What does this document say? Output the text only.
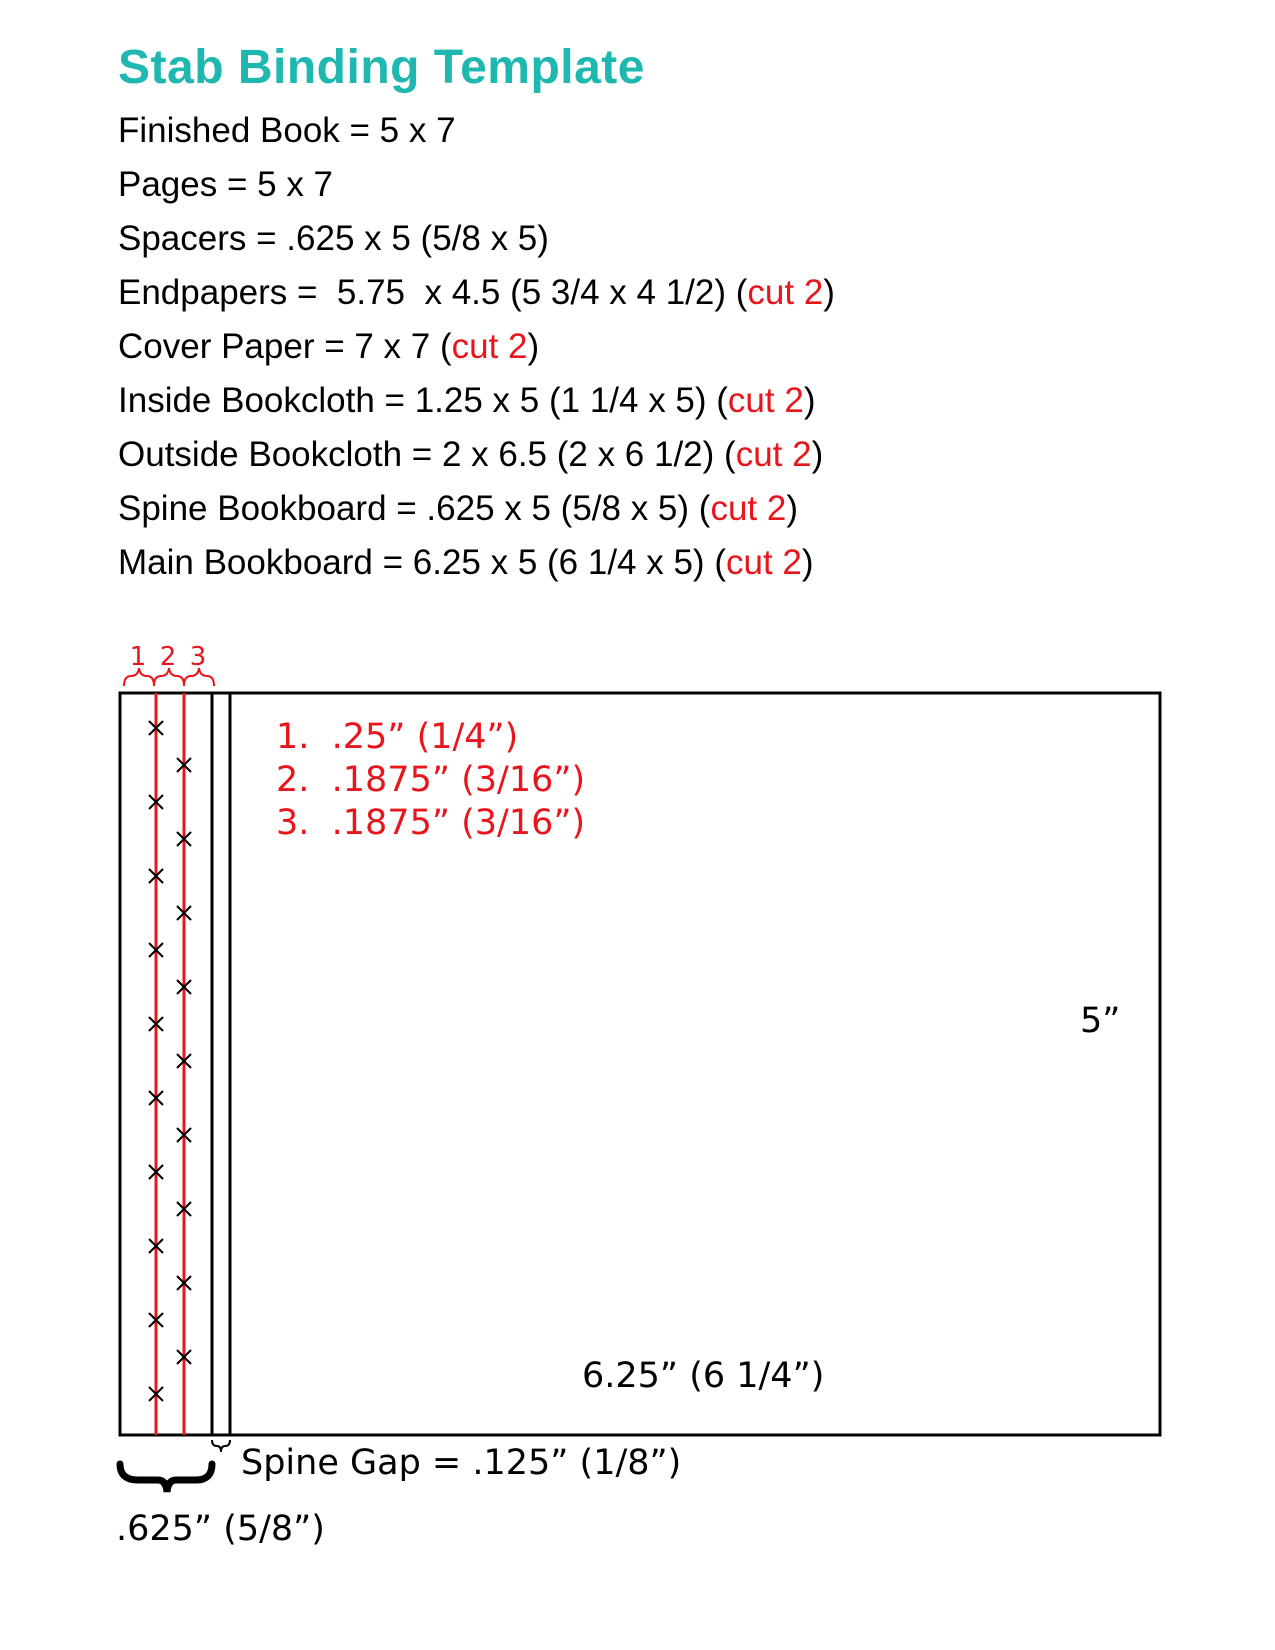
Stab Binding Template
Finished Book = 5 x 7
Pages = 5 x 7
Spacers = .625 x 5 (5/8 x 5)
Endpapers =  5.75  x 4.5 (5 3/4 x 4 1/2) (cut 2)
Cover Paper = 7 x 7 (cut 2)
Inside Bookcloth = 1.25 x 5 (1 1/4 x 5) (cut 2)
Outside Bookcloth = 2 x 6.5 (2 x 6 1/2) (cut 2)
Spine Bookboard = .625 x 5 (5/8 x 5) (cut 2)
Main Bookboard = 6.25 x 5 (6 1/4 x 5) (cut 2)
1 2 3
1.  .25” (1/4”)
2.  .1875” (3/16”)
3.  .1875” (3/16”)
5”
6.25” (6 1/4”)
Spine Gap = .125” (1/8”)
.625” (5/8”)
